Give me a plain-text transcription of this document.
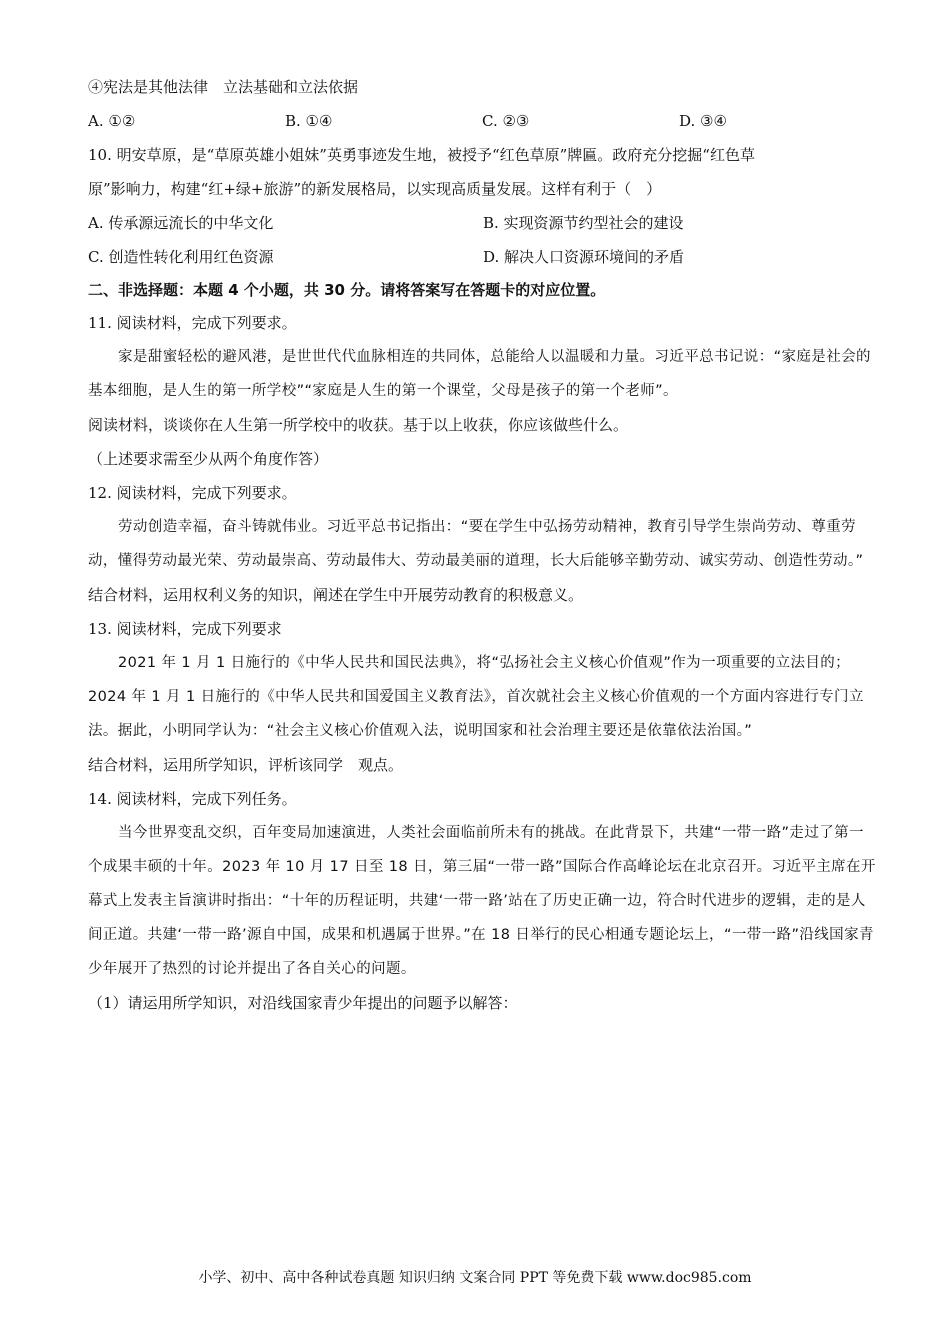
④宪法是其他法律　立法基础和立法依据

A. ①②	B. ①④	C. ②③	D. ③④

10. 明安草原，是“草原英雄小姐妹”英勇事迹发生地，被授予“红色草原”牌匾。政府充分挖掘“红色草

原”影响力，构建“红+绿+旅游”的新发展格局，以实现高质量发展。这样有利于（　）

A. 传承源远流长的中华文化	B. 实现资源节约型社会的建设
C. 创造性转化利用红色资源	D. 解决人口资源环境间的矛盾

二、非选择题：本题 4 个小题，共 30 分。请将答案写在答题卡的对应位置。

11. 阅读材料，完成下列要求。

家是甜蜜轻松的避风港，是世世代代血脉相连的共同体，总能给人以温暖和力量。习近平总书记说：“家庭是社会的基本细胞，是人生的第一所学校”“家庭是人生的第一个课堂，父母是孩子的第一个老师”。

阅读材料，谈谈你在人生第一所学校中的收获。基于以上收获，你应该做些什么。

（上述要求需至少从两个角度作答）

12. 阅读材料，完成下列要求。

劳动创造幸福，奋斗铸就伟业。习近平总书记指出：“要在学生中弘扬劳动精神，教育引导学生崇尚劳动、尊重劳动，懂得劳动最光荣、劳动最崇高、劳动最伟大、劳动最美丽的道理，长大后能够辛勤劳动、诚实劳动、创造性劳动。”

结合材料，运用权利义务的知识，阐述在学生中开展劳动教育的积极意义。

13. 阅读材料，完成下列要求

2021 年 1 月 1 日施行的《中华人民共和国民法典》，将“弘扬社会主义核心价值观”作为一项重要的立法目的；2024 年 1 月 1 日施行的《中华人民共和国爱国主义教育法》，首次就社会主义核心价值观的一个方面内容进行专门立法。据此，小明同学认为：“社会主义核心价值观入法，说明国家和社会治理主要还是依靠依法治国。”

结合材料，运用所学知识，评析该同学　观点。

14. 阅读材料，完成下列任务。

当今世界变乱交织，百年变局加速演进，人类社会面临前所未有的挑战。在此背景下，共建“一带一路”走过了第一个成果丰硕的十年。2023 年 10 月 17 日至 18 日，第三届“一带一路”国际合作高峰论坛在北京召开。习近平主席在开幕式上发表主旨演讲时指出：“十年的历程证明，共建‘一带一路’站在了历史正确一边，符合时代进步的逻辑，走的是人间正道。共建‘一带一路’源自中国，成果和机遇属于世界。”在 18 日举行的民心相通专题论坛上，“一带一路”沿线国家青少年展开了热烈的讨论并提出了各自关心的问题。

（1）请运用所学知识，对沿线国家青少年提出的问题予以解答：

小学、初中、高中各种试卷真题 知识归纳 文案合同 PPT 等免费下载 www.doc985.com
